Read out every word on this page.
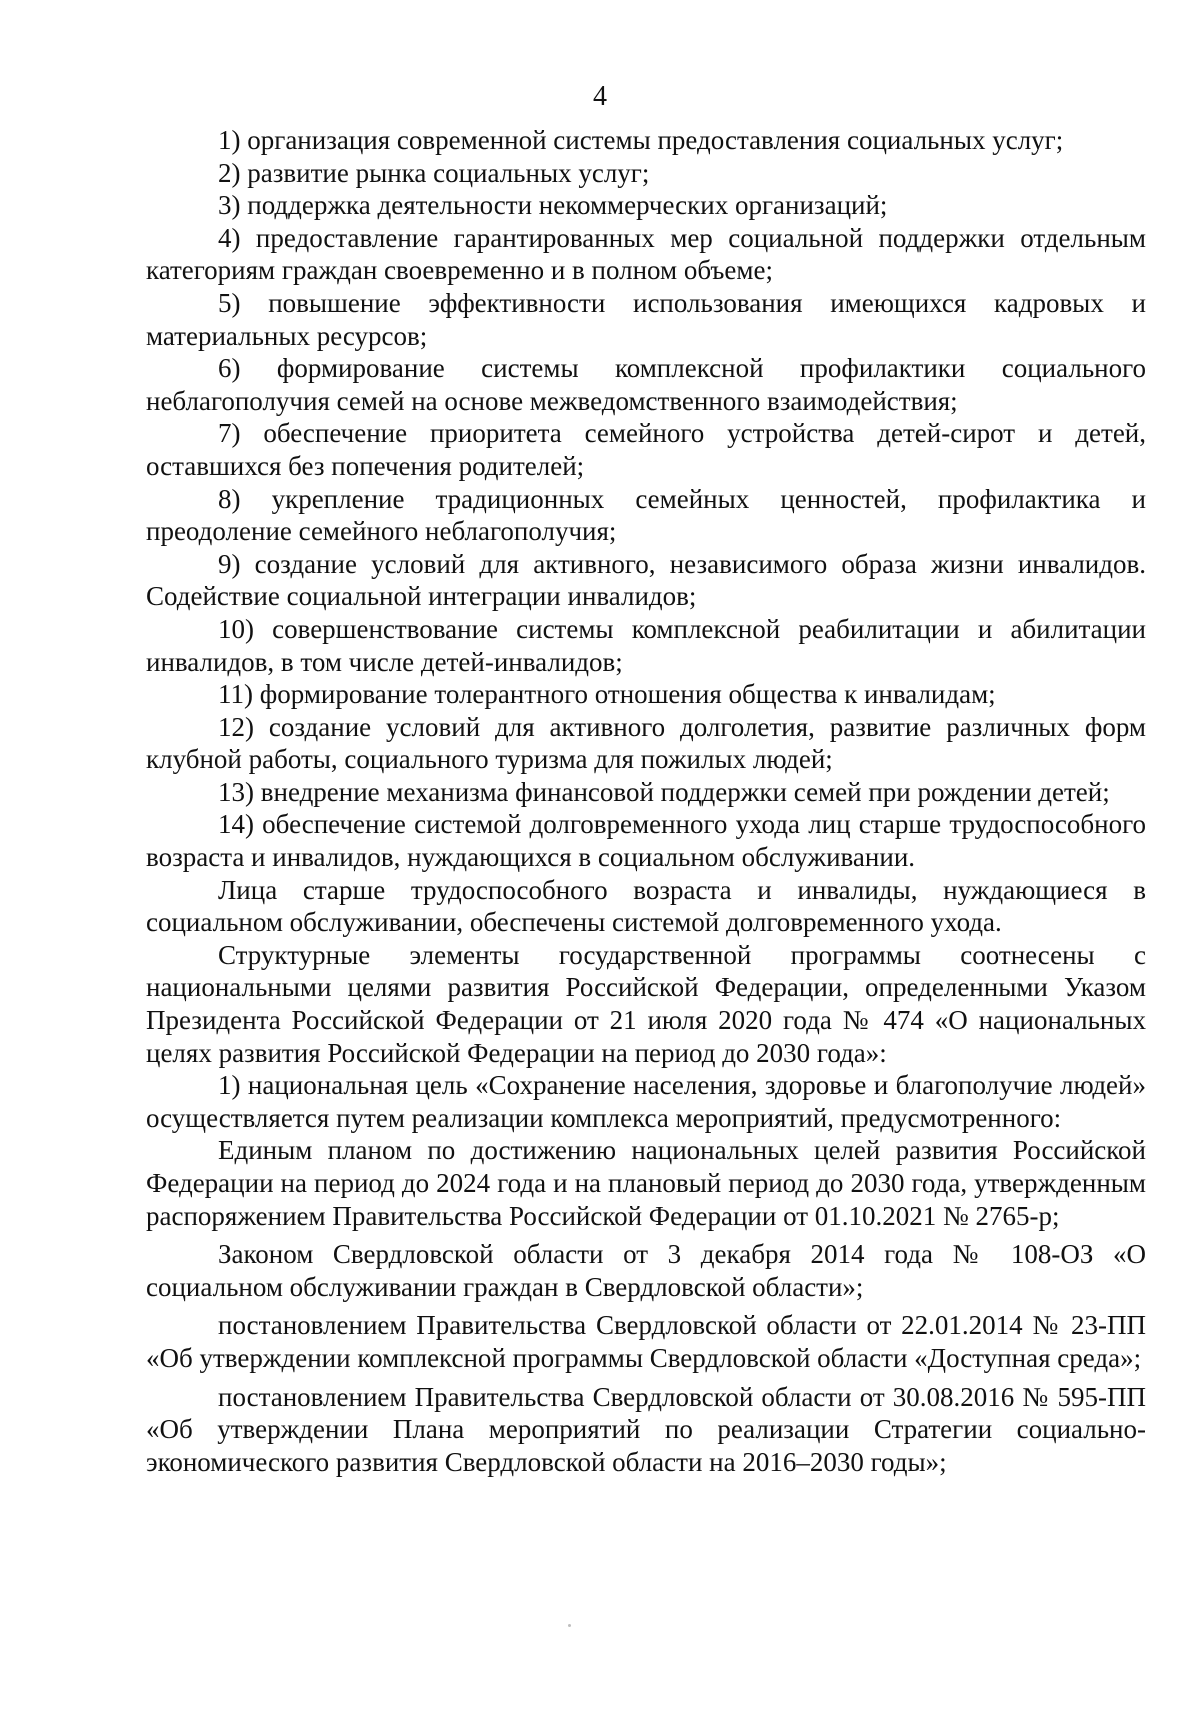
4

1) организация современной системы предоставления социальных услуг;

2) развитие рынка социальных услуг;

3) поддержка деятельности некоммерческих организаций;

4) предоставление гарантированных мер социальной поддержки отдельным категориям граждан своевременно и в полном объеме;

5) повышение эффективности использования имеющихся кадровых и материальных ресурсов;

6) формирование системы комплексной профилактики социального неблагополучия семей на основе межведомственного взаимодействия;

7) обеспечение приоритета семейного устройства детей-сирот и детей, оставшихся без попечения родителей;

8) укрепление традиционных семейных ценностей, профилактика и преодоление семейного неблагополучия;

9) создание условий для активного, независимого образа жизни инвалидов. Содействие социальной интеграции инвалидов;

10) совершенствование системы комплексной реабилитации и абилитации инвалидов, в том числе детей-инвалидов;

11) формирование толерантного отношения общества к инвалидам;

12) создание условий для активного долголетия, развитие различных форм клубной работы, социального туризма для пожилых людей;

13) внедрение механизма финансовой поддержки семей при рождении детей;

14) обеспечение системой долговременного ухода лиц старше трудоспособного возраста и инвалидов, нуждающихся в социальном обслуживании.

Лица старше трудоспособного возраста и инвалиды, нуждающиеся в социальном обслуживании, обеспечены системой долговременного ухода.

Структурные элементы государственной программы соотнесены с национальными целями развития Российской Федерации, определенными Указом Президента Российской Федерации от 21 июля 2020 года № 474 «О национальных целях развития Российской Федерации на период до 2030 года»:

1) национальная цель «Сохранение населения, здоровье и благополучие людей» осуществляется путем реализации комплекса мероприятий, предусмотренного:

Единым планом по достижению национальных целей развития Российской Федерации на период до 2024 года и на плановый период до 2030 года, утвержденным распоряжением Правительства Российской Федерации от 01.10.2021 № 2765-р;

Законом Свердловской области от 3 декабря 2014 года № 108-ОЗ «О социальном обслуживании граждан в Свердловской области»;

постановлением Правительства Свердловской области от 22.01.2014 № 23-ПП «Об утверждении комплексной программы Свердловской области «Доступная среда»;

постановлением Правительства Свердловской области от 30.08.2016 № 595-ПП «Об утверждении Плана мероприятий по реализации Стратегии социально-экономического развития Свердловской области на 2016–2030 годы»;
